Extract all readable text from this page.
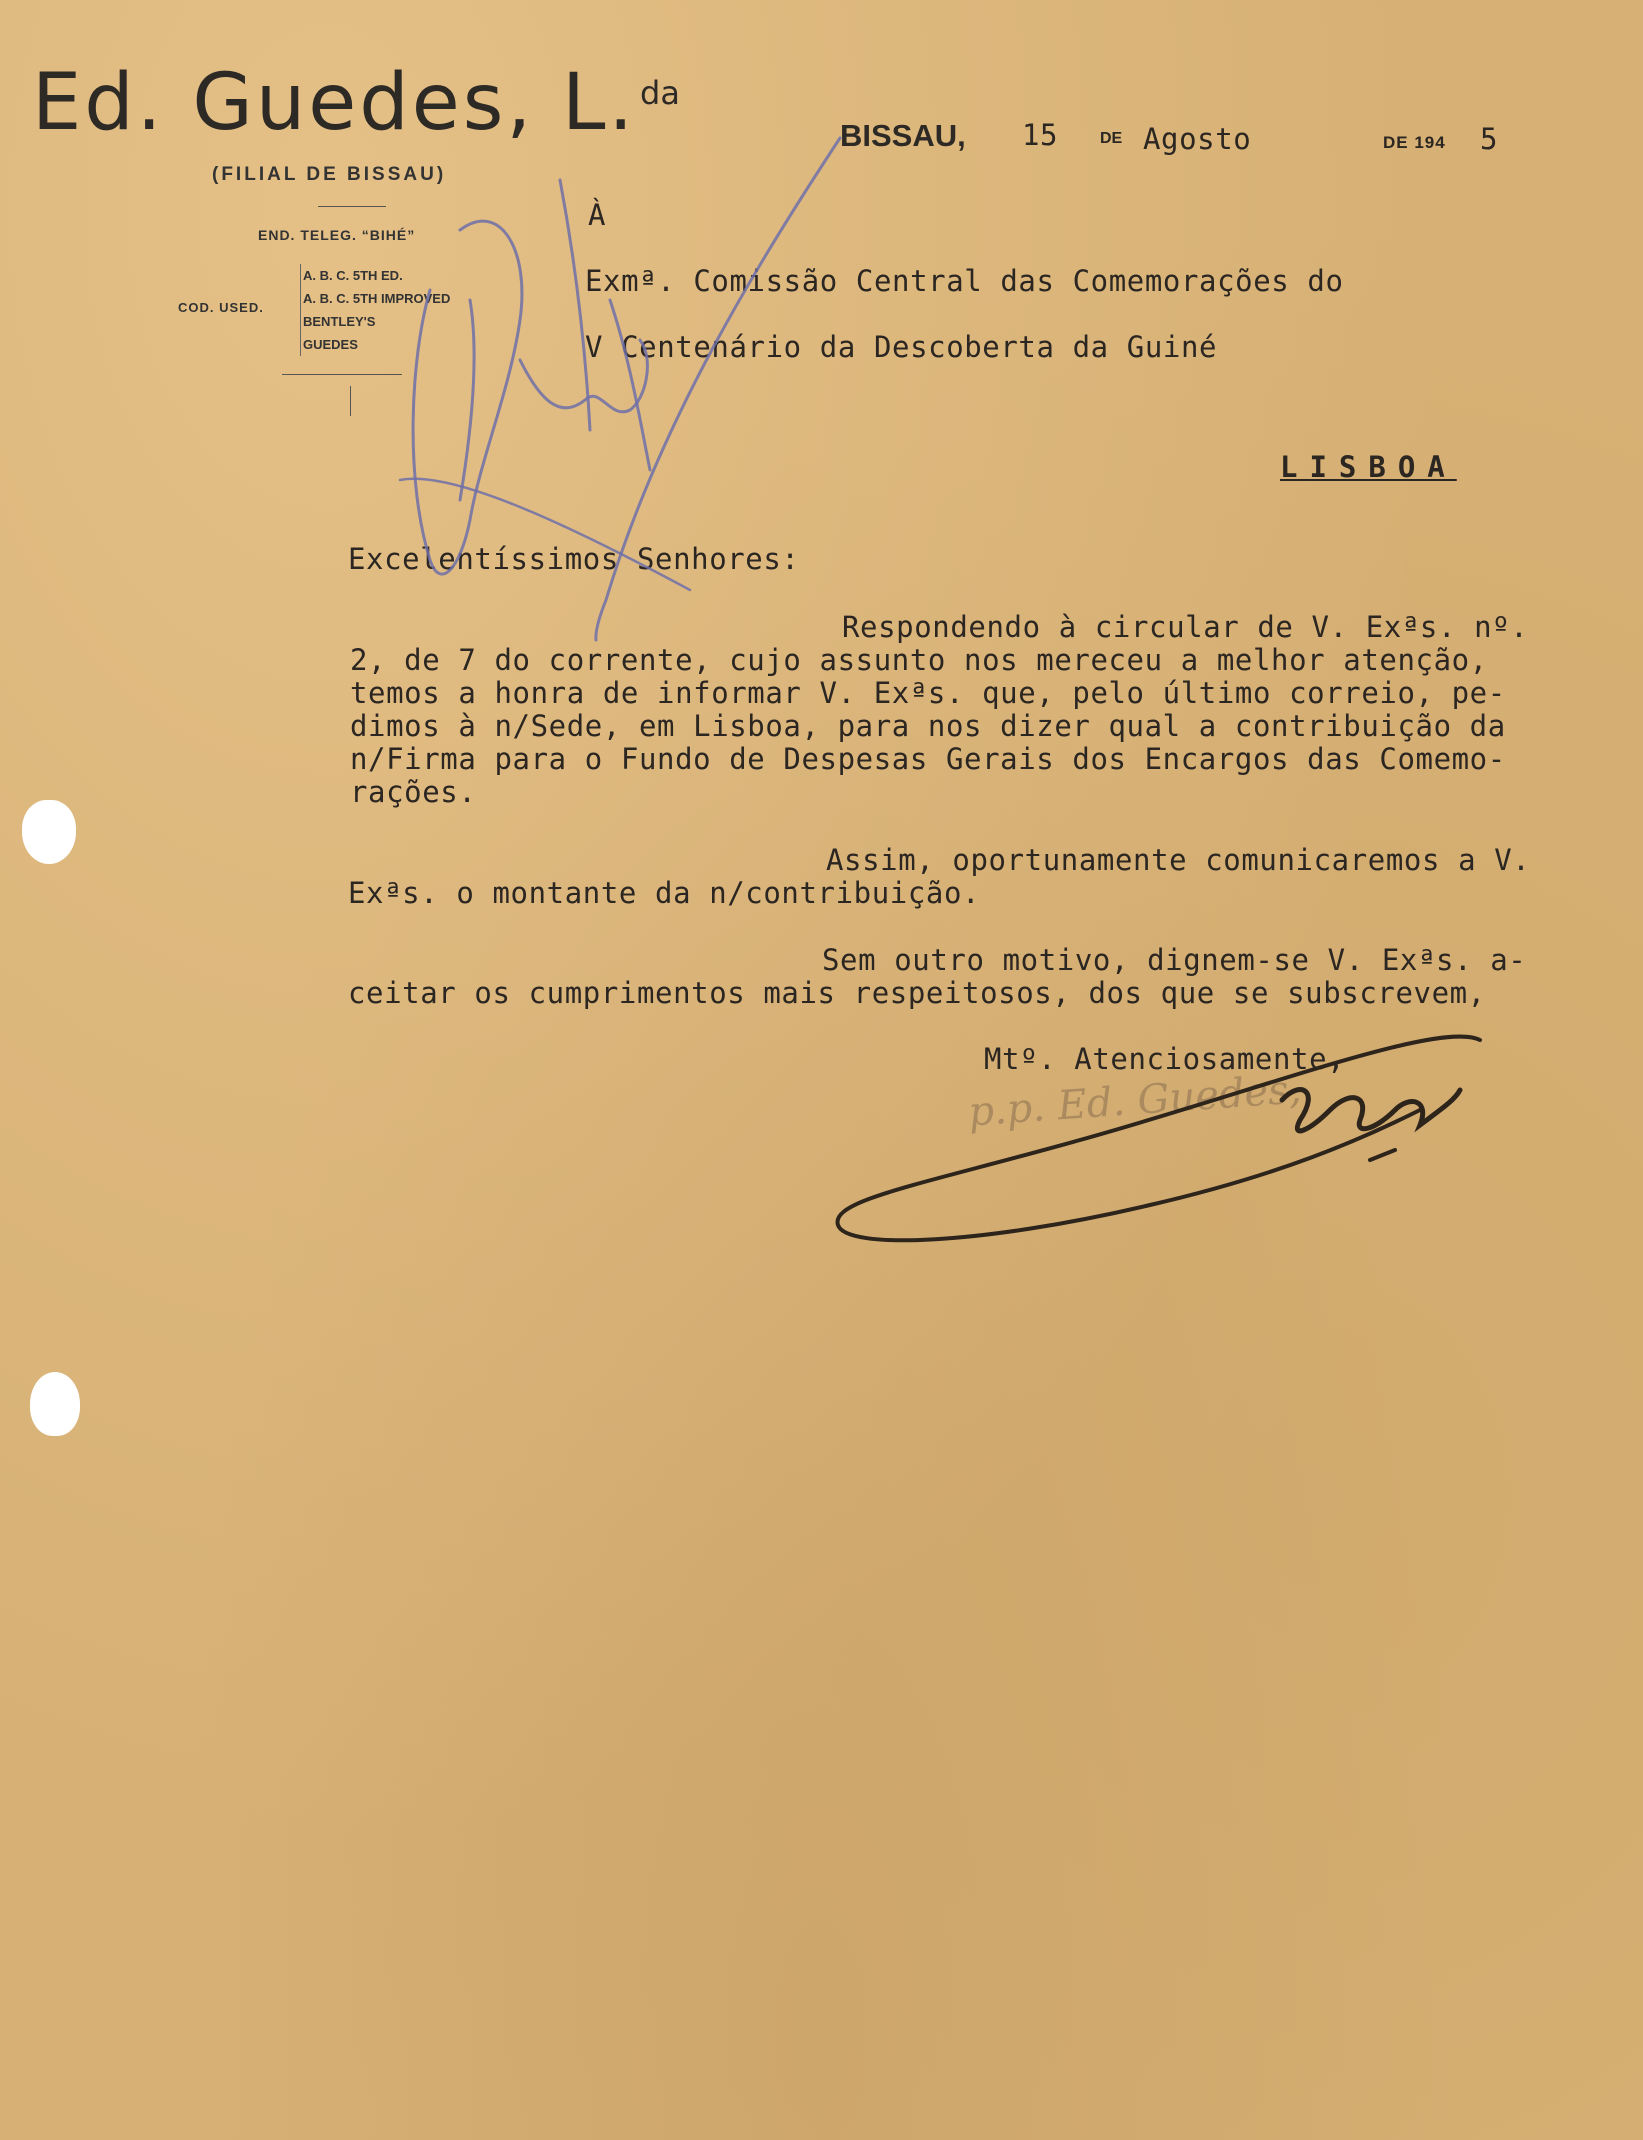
Ed. Guedes, L. da
(FILIAL DE BISSAU)
END. TELEG. “BIHÉ”
COD. USED.
A. B. C. 5TH ED.
A. B. C. 5TH IMPROVED
BENTLEY'S
GUEDES
BISSAU, 15	DE Agosto	DE 194 5
À
Exmª. Comissão Central das Comemorações do
V Centenário da Descoberta da Guiné
LISBOA
Excelentíssimos Senhores:
Respondendo à circular de V. Exªs. nº.
2, de 7 do corrente, cujo assunto nos mereceu a melhor atenção,
temos a honra de informar V. Exªs. que, pelo último correio, pe-
dimos à n/Sede, em Lisboa, para nos dizer qual a contribuição da
n/Firma para o Fundo de Despesas Gerais dos Encargos das Comemo-
rações.
Assim, oportunamente comunicaremos a V.
Exªs. o montante da n/contribuição.
Sem outro motivo, dignem-se V. Exªs. a-
ceitar os cumprimentos mais respeitosos, dos que se subscrevem,
Mtº. Atenciosamente,
p.p. Ed. Guedes,
